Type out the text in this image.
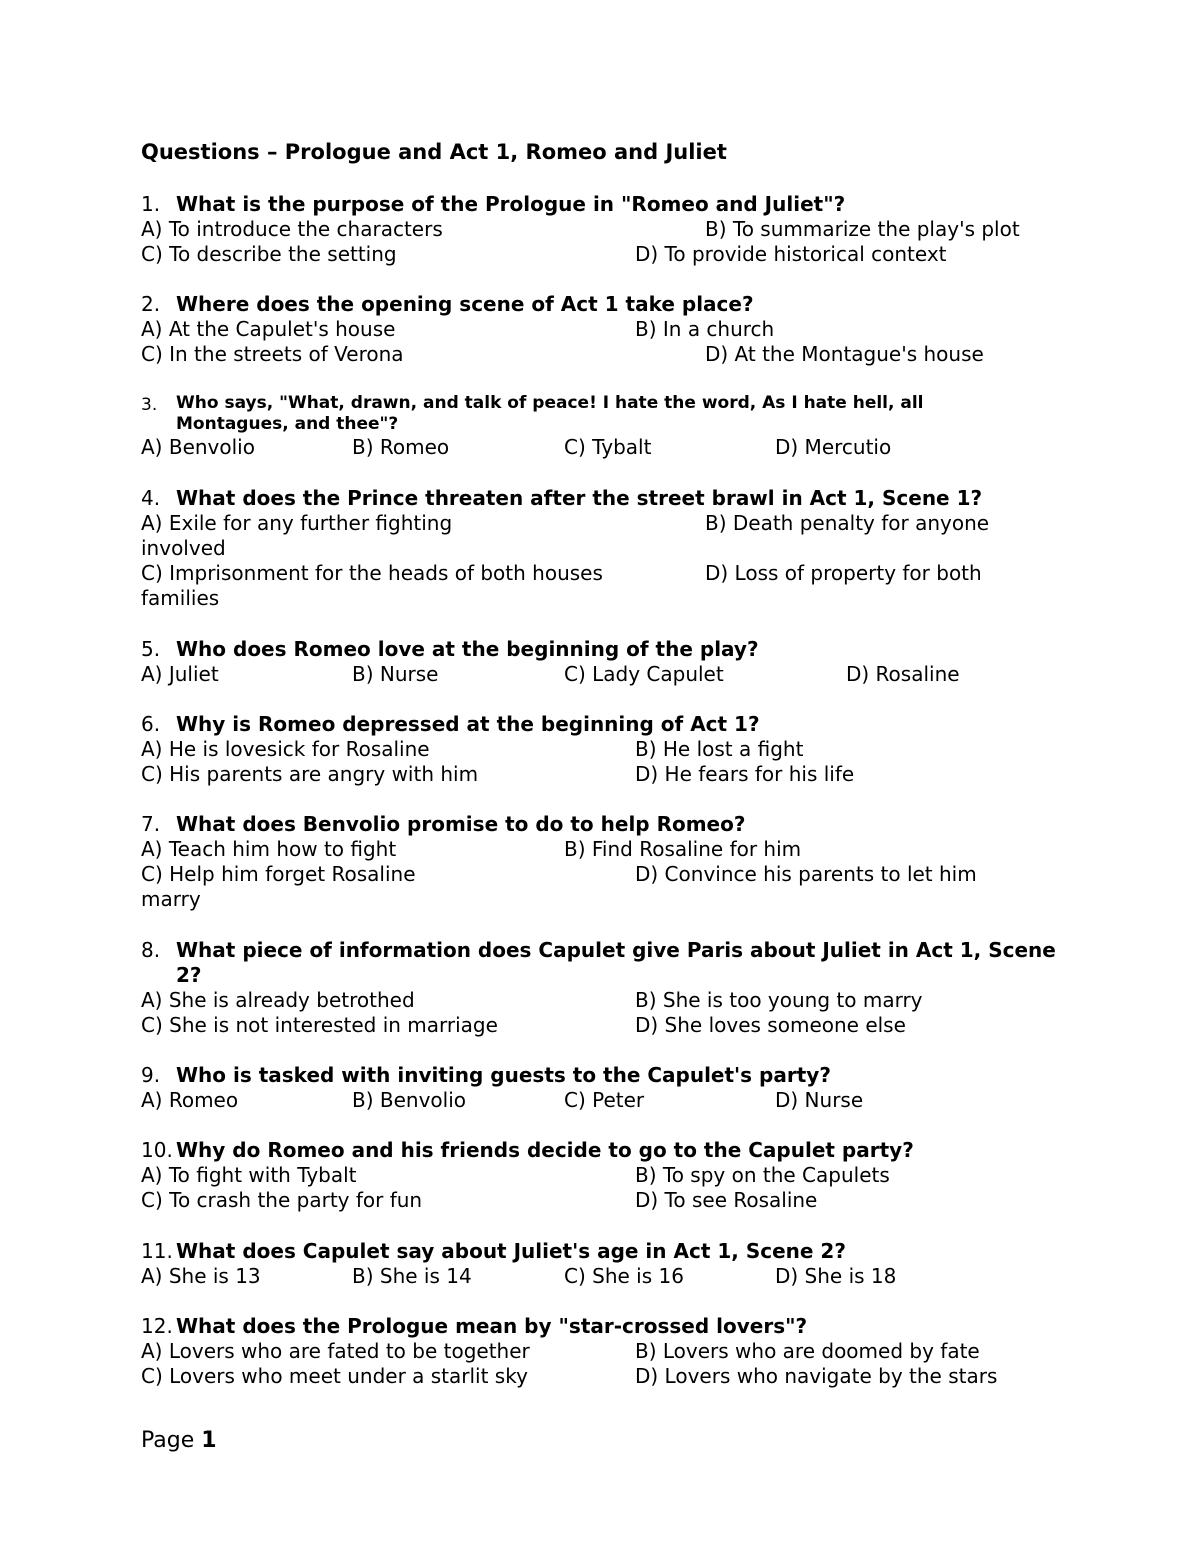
Questions – Prologue and Act 1, Romeo and Juliet
1. What is the purpose of the Prologue in "Romeo and Juliet"?
A) To introduce the characters	B) To summarize the play's plot
C) To describe the setting	D) To provide historical context
2. Where does the opening scene of Act 1 take place?
A) At the Capulet's house	B) In a church
C) In the streets of Verona	D) At the Montague's house
3. Who says, "What, drawn, and talk of peace! I hate the word, As I hate hell, all Montagues, and thee"?
A) Benvolio	B) Romeo	C) Tybalt	D) Mercutio
4. What does the Prince threaten after the street brawl in Act 1, Scene 1?
A) Exile for any further fighting	B) Death penalty for anyone
involved
C) Imprisonment for the heads of both houses	D) Loss of property for both
families
5. Who does Romeo love at the beginning of the play?
A) Juliet	B) Nurse	C) Lady Capulet	D) Rosaline
6. Why is Romeo depressed at the beginning of Act 1?
A) He is lovesick for Rosaline	B) He lost a fight
C) His parents are angry with him	D) He fears for his life
7. What does Benvolio promise to do to help Romeo?
A) Teach him how to fight	B) Find Rosaline for him
C) Help him forget Rosaline	D) Convince his parents to let him
marry
8. What piece of information does Capulet give Paris about Juliet in Act 1, Scene 2?
A) She is already betrothed	B) She is too young to marry
C) She is not interested in marriage	D) She loves someone else
9. Who is tasked with inviting guests to the Capulet's party?
A) Romeo	B) Benvolio	C) Peter	D) Nurse
10. Why do Romeo and his friends decide to go to the Capulet party?
A) To fight with Tybalt	B) To spy on the Capulets
C) To crash the party for fun	D) To see Rosaline
11. What does Capulet say about Juliet's age in Act 1, Scene 2?
A) She is 13	B) She is 14	C) She is 16	D) She is 18
12. What does the Prologue mean by "star-crossed lovers"?
A) Lovers who are fated to be together	B) Lovers who are doomed by fate
C) Lovers who meet under a starlit sky	D) Lovers who navigate by the stars
Page 1
